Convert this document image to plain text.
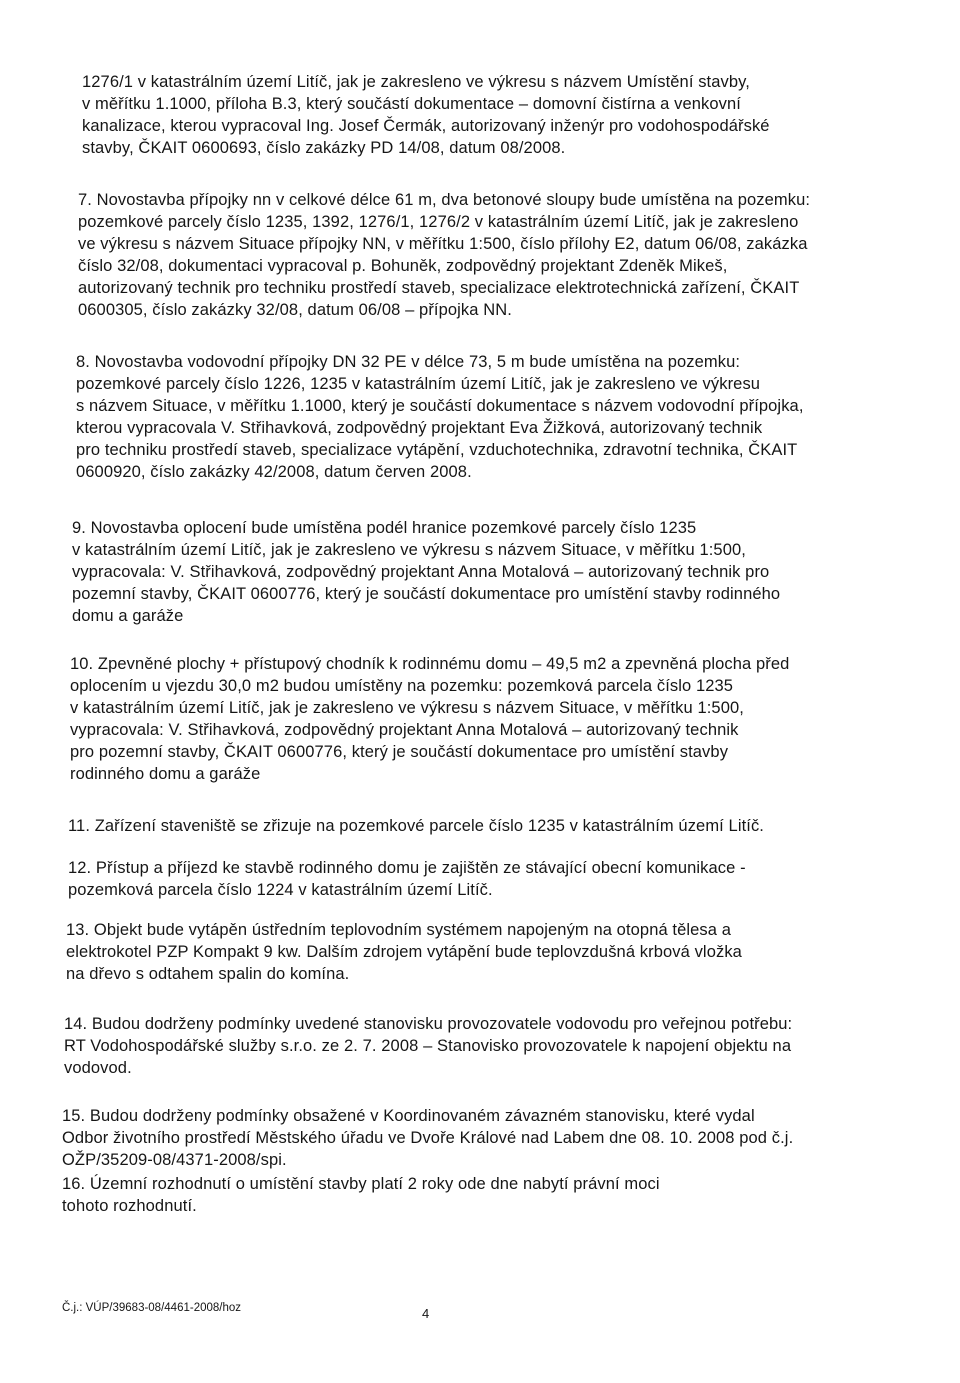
1276/1 v katastrálním území Litíč, jak je zakresleno ve výkresu s názvem Umístění stavby,
v měřítku 1.1000, příloha B.3, který součástí dokumentace – domovní čistírna a venkovní
kanalizace, kterou vypracoval Ing. Josef Čermák, autorizovaný inženýr pro vodohospodářské
stavby, ČKAIT 0600693, číslo zakázky PD 14/08, datum 08/2008.
7. Novostavba přípojky nn v celkové délce 61 m, dva betonové sloupy bude umístěna na pozemku:
pozemkové parcely číslo 1235, 1392, 1276/1, 1276/2 v katastrálním území Litíč, jak je zakresleno
ve výkresu s názvem Situace přípojky NN, v měřítku 1:500, číslo přílohy E2, datum 06/08, zakázka
číslo 32/08, dokumentaci vypracoval p. Bohuněk, zodpovědný projektant Zdeněk Mikeš,
autorizovaný technik pro techniku prostředí staveb, specializace elektrotechnická zařízení, ČKAIT
0600305, číslo zakázky 32/08, datum 06/08 – přípojka NN.
8. Novostavba vodovodní přípojky DN 32 PE v délce 73, 5 m bude umístěna na pozemku:
pozemkové parcely číslo 1226, 1235 v katastrálním území Litíč, jak je zakresleno ve výkresu
s názvem Situace, v měřítku 1.1000, který je součástí dokumentace s názvem vodovodní přípojka,
kterou vypracovala V. Střihavková, zodpovědný projektant Eva Žižková, autorizovaný technik
pro techniku prostředí staveb, specializace vytápění, vzduchotechnika, zdravotní technika, ČKAIT
0600920, číslo zakázky 42/2008, datum červen 2008.
9. Novostavba oplocení bude umístěna podél hranice pozemkové parcely číslo 1235
v katastrálním území Litíč, jak je zakresleno ve výkresu s názvem Situace, v měřítku 1:500,
vypracovala: V. Střihavková, zodpovědný projektant Anna Motalová – autorizovaný technik pro
pozemní stavby, ČKAIT 0600776, který je součástí dokumentace pro umístění stavby rodinného
domu a garáže
10. Zpevněné plochy + přístupový chodník k rodinnému domu – 49,5 m2 a zpevněná plocha před
oplocením u vjezdu 30,0 m2 budou umístěny na pozemku: pozemková parcela číslo 1235
v katastrálním území Litíč, jak je zakresleno ve výkresu s názvem Situace, v měřítku 1:500,
vypracovala: V. Střihavková, zodpovědný projektant Anna Motalová – autorizovaný technik
pro pozemní stavby, ČKAIT 0600776, který je součástí dokumentace pro umístění stavby
rodinného domu a garáže
11. Zařízení staveniště se zřizuje na pozemkové parcele číslo 1235 v katastrálním území Litíč.
12. Přístup a příjezd ke stavbě rodinného domu je zajištěn ze stávající obecní komunikace -
pozemková parcela číslo 1224 v katastrálním území Litíč.
13. Objekt bude vytápěn ústředním teplovodním systémem napojeným na otopná tělesa a
elektrokotel PZP Kompakt 9 kw. Dalším zdrojem vytápění bude teplovzdušná krbová vložka
na dřevo s odtahem spalin do komína.
14. Budou dodrženy podmínky uvedené stanovisku provozovatele vodovodu pro veřejnou potřebu:
RT Vodohospodářské služby s.r.o. ze 2. 7. 2008 – Stanovisko provozovatele k napojení objektu na
vodovod.
15. Budou dodrženy podmínky obsažené v Koordinovaném závazném stanovisku, které vydal
Odbor životního prostředí Městského úřadu ve Dvoře Králové nad Labem dne 08. 10. 2008 pod č.j.
OŽP/35209-08/4371-2008/spi.
16. Územní rozhodnutí o umístění stavby platí 2 roky ode dne nabytí právní moci
tohoto rozhodnutí.
Č.j.: VÚP/39683-08/4461-2008/hoz	4
